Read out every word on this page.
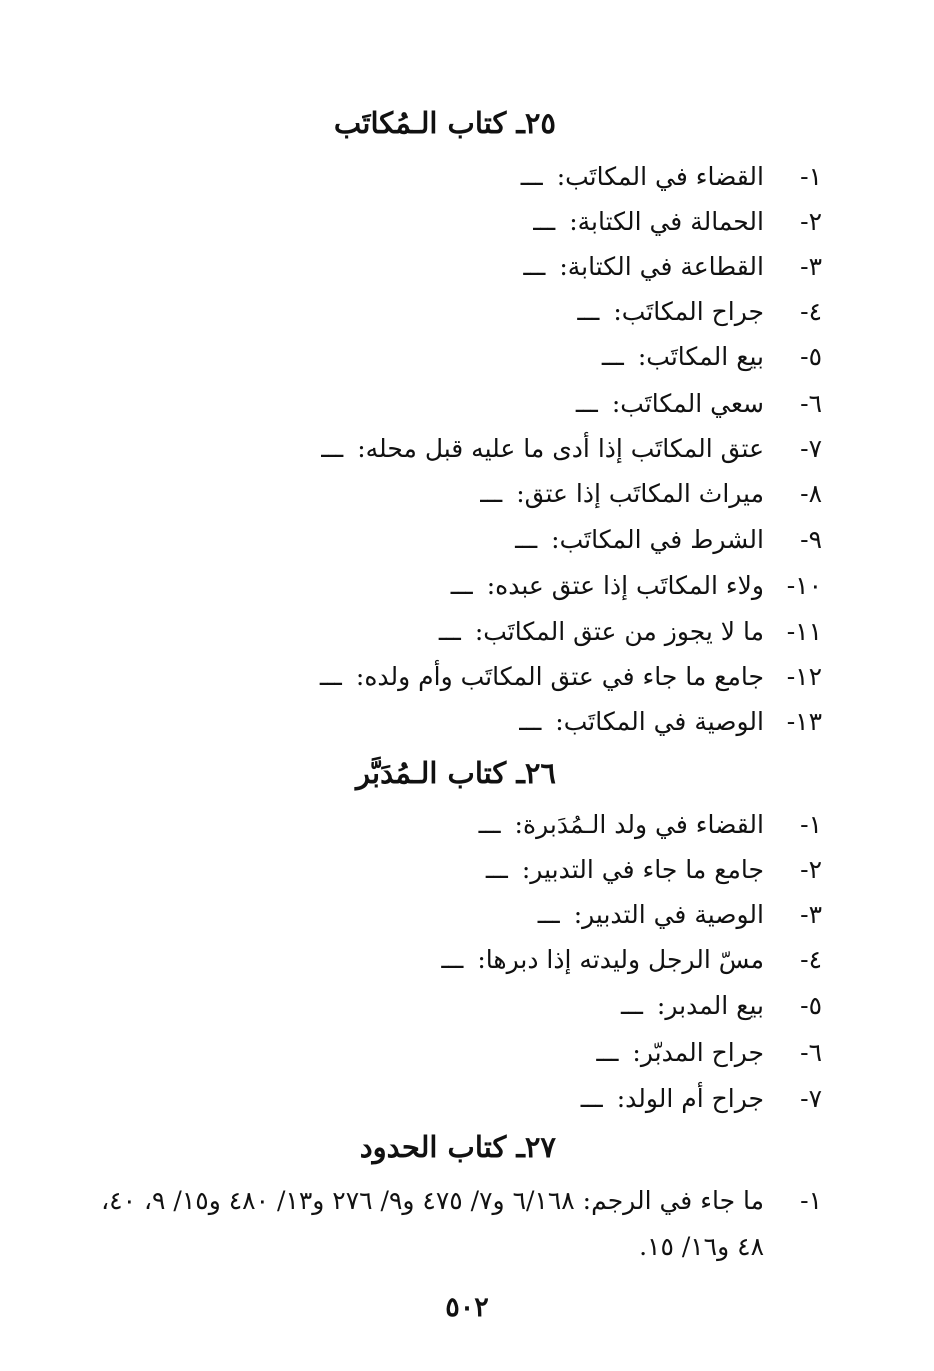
٢٥ـ كتاب الـمُكاتَب
١-
القضاء في المكاتَب:
ـــ
٢-
الحمالة في الكتابة:
ـــ
٣-
القطاعة في الكتابة:
ـــ
٤-
جراح المكاتَب:
ـــ
٥-
بيع المكاتَب:
ـــ
٦-
سعي المكاتَب:
ـــ
٧-
عتق المكاتَب إذا أدى ما عليه قبل محله:
ـــ
٨-
ميراث المكاتَب إذا عتق:
ـــ
٩-
الشرط في المكاتَب:
ـــ
١٠-
ولاء المكاتَب إذا عتق عبده:
ـــ
١١-
ما لا يجوز من عتق المكاتَب:
ـــ
١٢-
جامع ما جاء في عتق المكاتَب وأم ولده:
ـــ
١٣-
الوصية في المكاتَب:
ـــ
٢٦ـ كتاب الـمُدَبَّر
١-
القضاء في ولد الـمُدَبرة:
ـــ
٢-
جامع ما جاء في التدبير:
ـــ
٣-
الوصية في التدبير:
ـــ
٤-
مسّ الرجل وليدته إذا دبرها:
ـــ
٥-
بيع المدبر:
ـــ
٦-
جراح المدبّر:
ـــ
٧-
جراح أم الولد:
ـــ
٢٧ـ كتاب الحدود
١-
ما جاء في الرجم: ٦/١٦٨ و٧/ ٤٧٥ و٩/ ٢٧٦ و١٣/ ٤٨٠ و١٥/ ٩، ٤٠، ٤٨ و١٦/ ١٥.
٥٠٢
